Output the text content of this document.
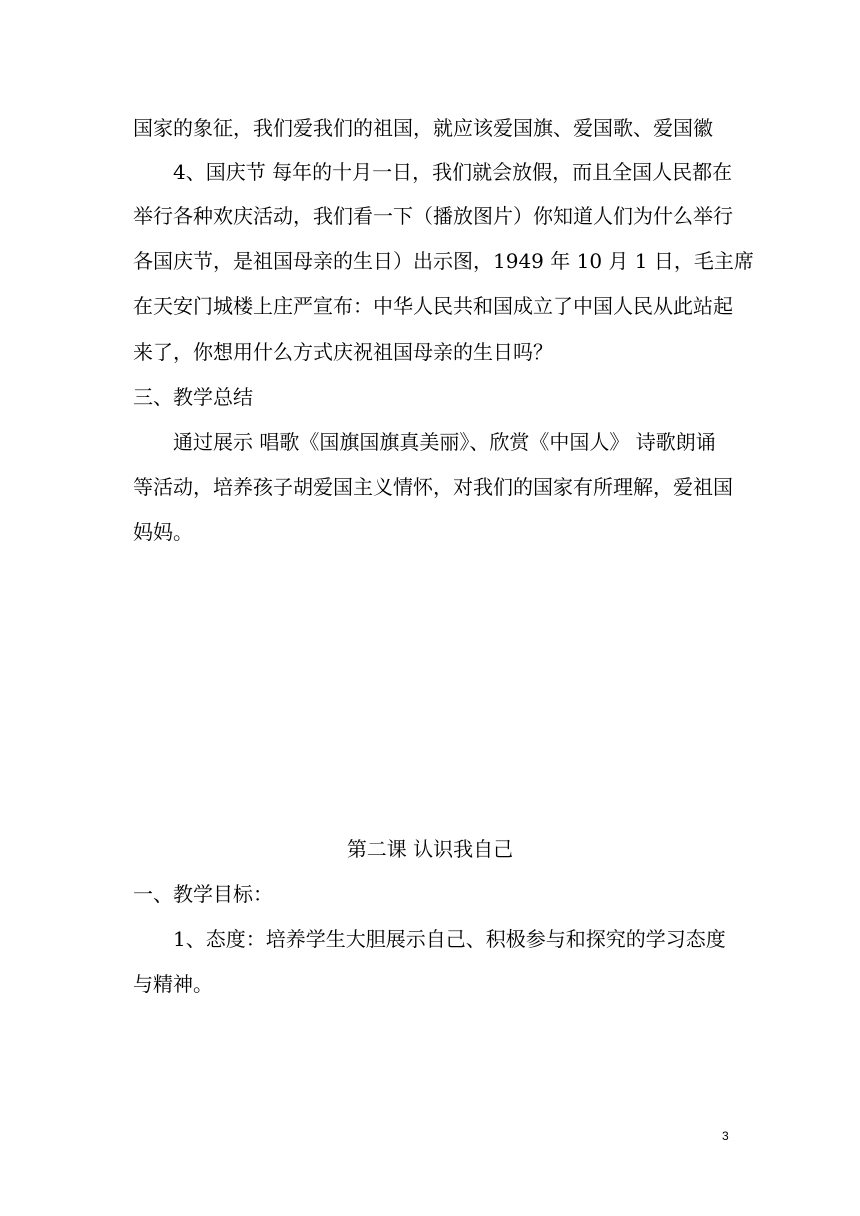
国家的象征，我们爱我们的祖国，就应该爱国旗、爱国歌、爱国徽

4、国庆节 每年的十月一日，我们就会放假，而且全国人民都在

举行各种欢庆活动，我们看一下（播放图片）你知道人们为什么举行

各国庆节，是祖国母亲的生日）出示图，1949 年 10 月 1 日，毛主席

在天安门城楼上庄严宣布：中华人民共和国成立了中国人民从此站起

来了，你想用什么方式庆祝祖国母亲的生日吗？

三、教学总结

通过展示 唱歌《国旗国旗真美丽》、欣赏《中国人》 诗歌朗诵

等活动，培养孩子胡爱国主义情怀，对我们的国家有所理解，爱祖国

妈妈。

第二课 认识我自己

一、教学目标：

1、态度：培养学生大胆展示自己、积极参与和探究的学习态度

与精神。

3
